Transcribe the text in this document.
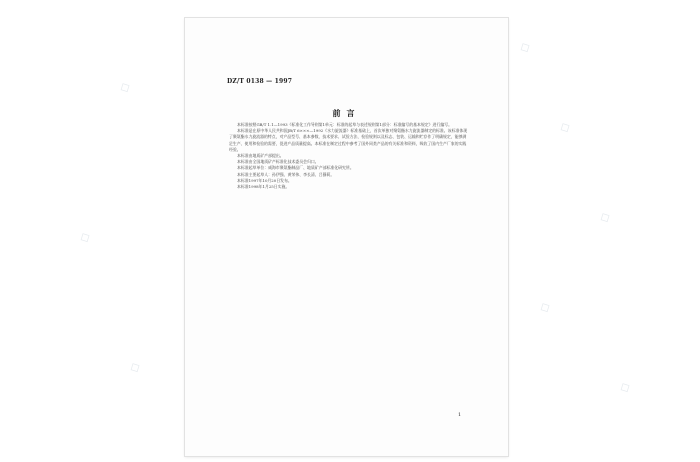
◇
◇
◇
◇
◇
◇
◇
◇
DZ/T 0138 — 1997
前言

本标准按照GB/T 1.1—1993《标准化工作导则第1单元：标准的起草与表述规则第1部分：标准编写的基本规定》进行编写。

本标准是在原中华人民共和国JB/T 6×××—1992《水力旋流器》标准基础上，首次单独对聚氨酯水力旋流器制定的标准。该标准体现了聚氨酯水力旋流器的特点，对产品型号、基本参数、技术要求、试验方法、检验规则以及标志、包装、运输和贮存作了明确规定，能够满足生产、使用和检验的需要，促进产品质量提高。本标准在制定过程中参考了国外同类产品的有关标准和资料，吸收了国内生产厂家的实践经验。

本标准由地质矿产部提出。

本标准由全国地质矿产标准化技术委员会归口。

本标准起草单位：威海市聚氨酯制品厂、地质矿产部标准化研究所。

本标准主要起草人：孙伊强、黄荣伟、李长清、吕静莉。

本标准1997年10月20日发布。

本标准1998年1月25日实施。

1
